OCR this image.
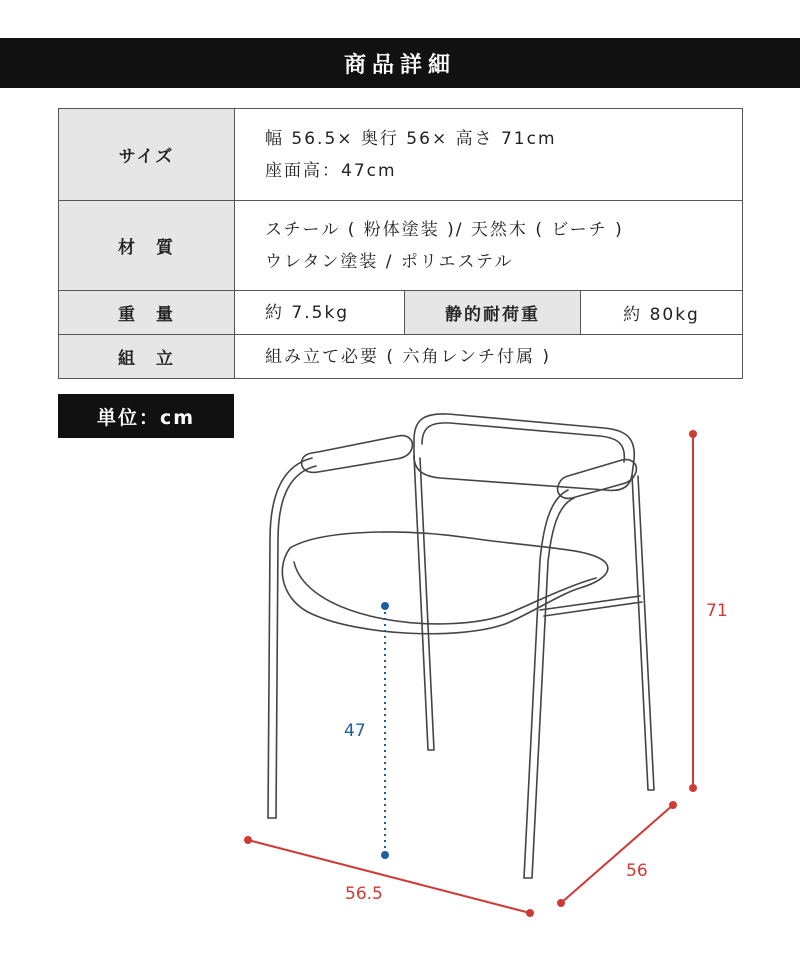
商品詳細
サイズ	幅 56.5× 奥行 56× 高さ 71cm
座面高：47cm		

材　質	スチール ( 粉体塗装 )/ 天然木 ( ビーチ )
ウレタン塗装 / ポリエステル		

重　量	約 7.5kg	静的耐荷重	約 80kg
組　立	組み立て必要 ( 六角レンチ付属 )		
単位：cm
71
47
56.5
56
